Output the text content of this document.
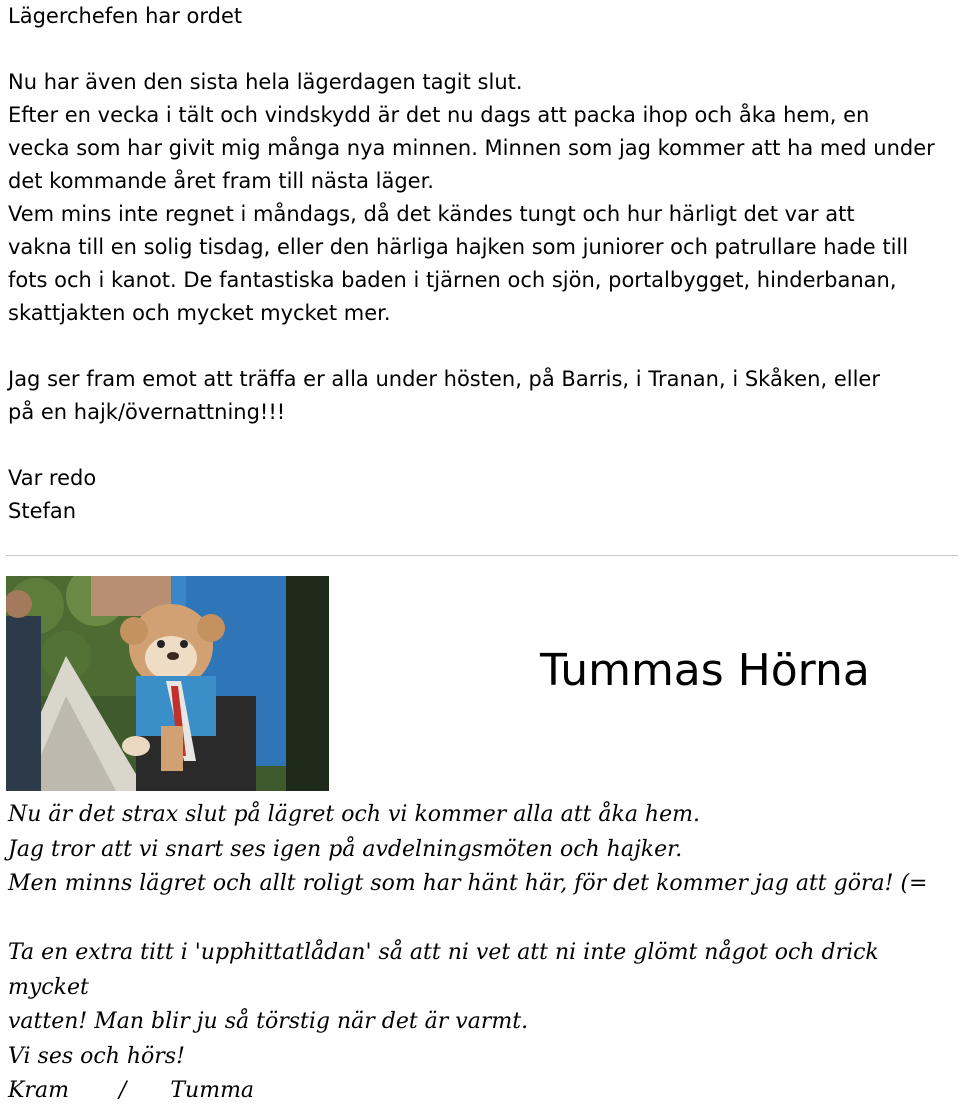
Lägerchefen har ordet

Nu har även den sista hela lägerdagen tagit slut.

Efter en vecka i tält och vindskydd är det nu dags att packa ihop och åka hem, en

vecka som har givit mig många nya minnen. Minnen som jag kommer att ha med under

det kommande året fram till nästa läger.

Vem mins inte regnet i måndags, då det kändes tungt och hur härligt det var att

vakna till en solig tisdag, eller den härliga hajken som juniorer och patrullare hade till

fots och i kanot. De fantastiska baden i tjärnen och sjön, portalbygget, hinderbanan,

skattjakten och mycket mycket mer.

Jag ser fram emot att träffa er alla under hösten, på Barris, i Tranan, i Skåken, eller

på en hajk/övernattning!!!

Var redo

Stefan

Tummas Hörna

Nu är det strax slut på lägret och vi kommer alla att åka hem.

Jag tror att vi snart ses igen på avdelningsmöten och hajker.

Men minns lägret och allt roligt som har hänt här, för det kommer jag att göra! (=

Ta en extra titt i 'upphittatlådan' så att ni vet att ni inte glömt något och drick mycket

vatten! Man blir ju så törstig när det är varmt.

Vi ses och hörs!

Kram / Tumma
